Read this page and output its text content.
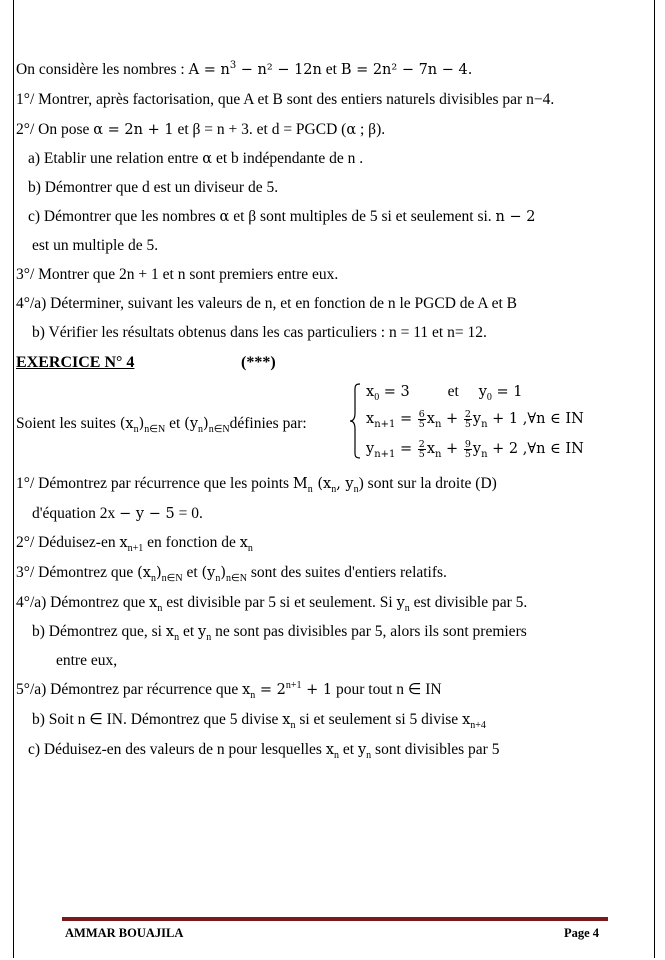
On considère les nombres : $A = n^3 - n^2 - 12n$ et B = 2n² − 7n − 4.
1°/ Montrer, après factorisation, que A et B sont des entiers naturels divisibles par n−4.
2°/ On pose α = 2n + 1 et β = n + 3. et d = PGCD (α ; β).
a) Etablir une relation entre α et b indépendante de n .
b) Démontrer que d est un diviseur de 5.
c) Démontrer que les nombres α et β sont multiples de 5 si et seulement si. n − 2
est un multiple de 5.
3°/ Montrer que 2n + 1 et n sont premiers entre eux.
4°/a) Déterminer, suivant les valeurs de n, et en fonction de n le PGCD de A et B
b) Vérifier les résultats obtenus dans les cas particuliers : n = 11 et n= 12.
EXERCICE N° 4	(***)
Soient les suites $(x_n)_{n\in N}$ et $(y_n)_{n\in N}définies$ par:
$x_0 = 3$ et $y_0 = 1$
$x_{n+1} = \frac{6}{5} x_n + \frac{2}{5} y_n + 1$ ,∀n ∈ IN
$y_{n+1} = \frac{2}{5} x_n + \frac{9}{5} y_n + 2$ ,∀n ∈ IN
1°/ Démontrez par récurrence que les points $M_n$ ($x_n$, $y_n$) sont sur la droite (D)
d'équation 2x − y − 5 = 0.
2°/ Déduisez-en $x_{n+1}$ en fonction de $x_n$
3°/ Démontrez que $(x_n)_{n\in N}$ et $(y_n)_{n\in N}$ sont des suites d'entiers relatifs.
4°/a) Démontrez que $x_n$ est divisible par 5 si et seulement. Si $y_n$ est divisible par 5.
b) Démontrez que, si $x_n$ et $y_n$ ne sont pas divisibles par 5, alors ils sont premiers
entre eux,
5°/a) Démontrez par récurrence que $x_n = 2^{n+1} + 1$ pour tout n ∈ IN
b) Soit n ∈ IN. Démontrez que 5 divise $x_n$ si et seulement si 5 divise $x_{n+4}$
c) Déduisez-en des valeurs de n pour lesquelles $x_n$ et $y_n$ sont divisibles par 5
AMMAR BOUAJILA	Page 4
